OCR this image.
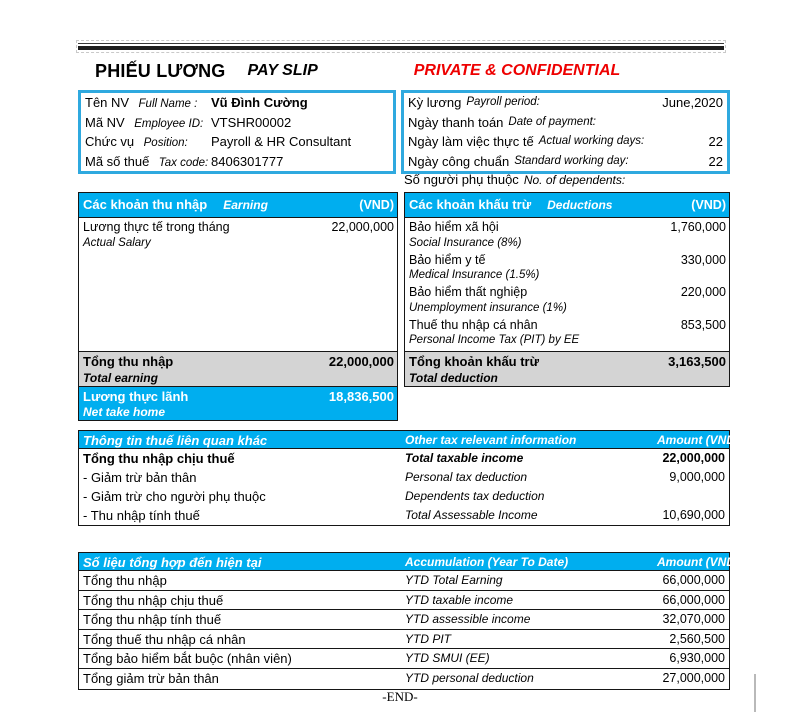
PHIẾU LƯƠNG PAY SLIP	PRIVATE & CONFIDENTIAL
Tên NV Full Name : Vũ Đình Cường
Mã NV Employee ID: VTSHR00002
Chức vụ Position: Payroll & HR Consultant
Mã số thuế Tax code: 8406301777
Kỳ lương Payroll period:	June,2020
Ngày thanh toán Date of payment:
Ngày làm việc thực tế Actual working days:	22
Ngày công chuẩn Standard working day:	22
Số người phụ thuộc No. of dependents:
Các khoản thu nhập Earning	(VND)
Lương thực tế trong tháng	22,000,000
Actual Salary
Tổng thu nhập	22,000,000
Total earning
Lương thực lãnh	18,836,500
Net take home
Các khoản khấu trừ Deductions	(VND)
Bảo hiểm xã hội	1,760,000
Social Insurance (8%)
Bảo hiểm y tế	330,000
Medical Insurance (1.5%)
Bảo hiểm thất nghiệp	220,000
Unemployment insurance (1%)
Thuế thu nhập cá nhân	853,500
Personal Income Tax (PIT) by EE
Tổng khoản khấu trừ	3,163,500
Total deduction
Thông tin thuế liên quan khác	Other tax relevant information	Amount (VND)
Tổng thu nhập chịu thuế	Total taxable income	22,000,000
- Giảm trừ bản thân	Personal tax deduction	9,000,000
- Giảm trừ cho người phụ thuộc	Dependents tax deduction
- Thu nhập tính thuế	Total Assessable Income	10,690,000
Số liệu tổng hợp đến hiện tại	Accumulation (Year To Date)	Amount (VND)
Tổng thu nhập	YTD Total Earning	66,000,000
Tổng thu nhập chịu thuế	YTD taxable income	66,000,000
Tổng thu nhập tính thuế	YTD assessible income	32,070,000
Tổng thuế thu nhập cá nhân	YTD PIT	2,560,500
Tổng bảo hiểm bắt buộc (nhân viên)	YTD SMUI (EE)	6,930,000
Tổng giảm trừ bản thân	YTD personal deduction	27,000,000
-END-
